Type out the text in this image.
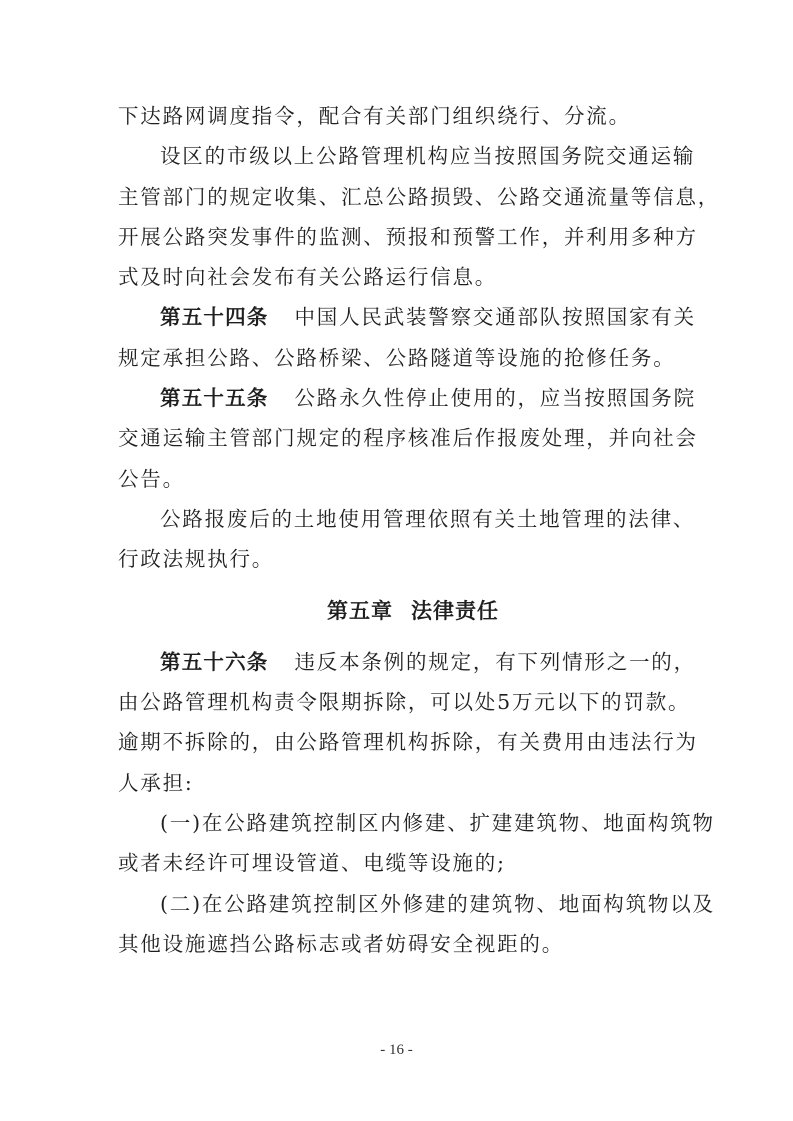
下达路网调度指令，配合有关部门组织绕行、分流。
设区的市级以上公路管理机构应当按照国务院交通运输
主管部门的规定收集、汇总公路损毁、公路交通流量等信息，
开展公路突发事件的监测、预报和预警工作，并利用多种方
式及时向社会发布有关公路运行信息。
第五十四条 中国人民武装警察交通部队按照国家有关
规定承担公路、公路桥梁、公路隧道等设施的抢修任务。
第五十五条 公路永久性停止使用的，应当按照国务院
交通运输主管部门规定的程序核准后作报废处理，并向社会
公告。
公路报废后的土地使用管理依照有关土地管理的法律、
行政法规执行。
第五章 法律责任
第五十六条 违反本条例的规定，有下列情形之一的，
由公路管理机构责令限期拆除，可以处5万元以下的罚款。
逾期不拆除的，由公路管理机构拆除，有关费用由违法行为
人承担:
(一)在公路建筑控制区内修建、扩建建筑物、地面构筑物
或者未经许可埋设管道、电缆等设施的;
(二)在公路建筑控制区外修建的建筑物、地面构筑物以及
其他设施遮挡公路标志或者妨碍安全视距的。
- 16 -
